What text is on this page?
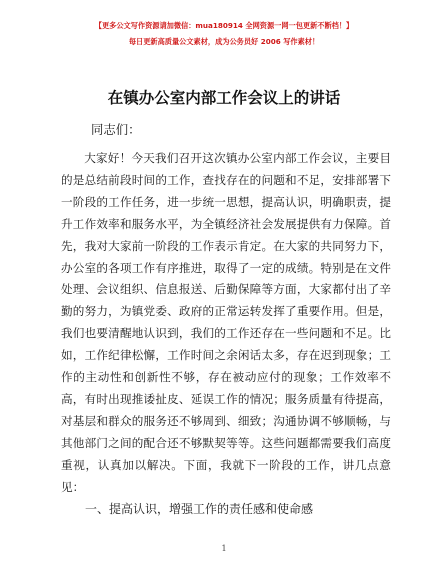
【更多公文写作资源请加微信：mua180914 全网资源一网一包更新不断档！】
每日更新高质量公文素材，成为公务员好 2006 写作素材！
在镇办公室内部工作会议上的讲话
同志们：

大家好！今天我们召开这次镇办公室内部工作会议，主要目的是总结前段时间的工作，查找存在的问题和不足，安排部署下一阶段的工作任务，进一步统一思想，提高认识，明确职责，提升工作效率和服务水平，为全镇经济社会发展提供有力保障。首先，我对大家前一阶段的工作表示肯定。在大家的共同努力下，办公室的各项工作有序推进，取得了一定的成绩。特别是在文件处理、会议组织、信息报送、后勤保障等方面，大家都付出了辛勤的努力，为镇党委、政府的正常运转发挥了重要作用。但是，我们也要清醒地认识到，我们的工作还存在一些问题和不足。比如，工作纪律松懈，工作时间之余闲话太多，存在迟到现象；工作的主动性和创新性不够，存在被动应付的现象；工作效率不高，有时出现推诿扯皮、延误工作的情况；服务质量有待提高，对基层和群众的服务还不够周到、细致；沟通协调不够顺畅，与其他部门之间的配合还不够默契等等。这些问题都需要我们高度重视，认真加以解决。下面，我就下一阶段的工作，讲几点意见：

一、提高认识，增强工作的责任感和使命感
1
